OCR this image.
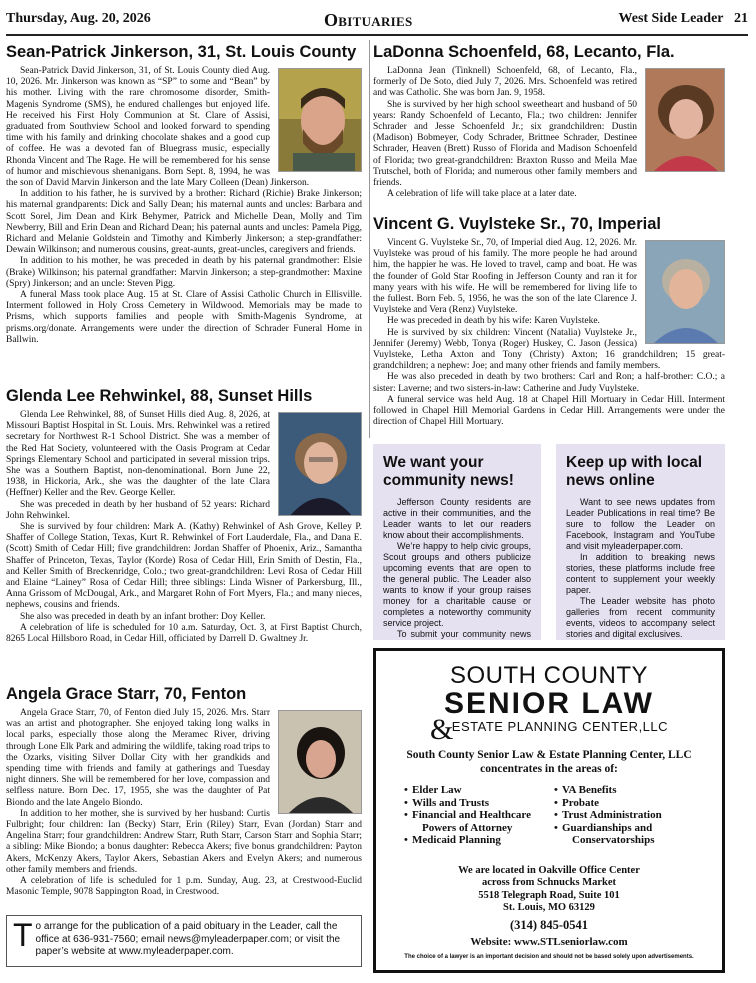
Thursday, Aug. 20, 2026	Obituaries	West Side Leader 21
Sean-Patrick Jinkerson, 31, St. Louis County

Sean-Patrick David Jinkerson, 31, of St. Louis County died Aug. 10, 2026. Mr. Jinkerson was known as “SP” to some and “Bean” by his mother. Living with the rare chromosome disorder, Smith-Magenis Syndrome (SMS), he endured challenges but enjoyed life. He received his First Holy Communion at St. Clare of Assisi, graduated from Southview School and looked forward to spending time with his family and drinking chocolate shakes and a good cup of coffee. He was a devoted fan of Bluegrass music, especially Rhonda Vincent and The Rage. He will be remembered for his sense of humor and mischievous shenanigans. Born Sept. 8, 1994, he was the son of David Marvin Jinkerson and the late Mary Colleen (Dean) Jinkerson.

In addition to his father, he is survived by a brother: Richard (Richie) Brake Jinkerson; his maternal grandparents: Dick and Sally Dean; his maternal aunts and uncles: Barbara and Scott Sorel, Jim Dean and Kirk Behymer, Patrick and Michelle Dean, Molly and Tim Newberry, Bill and Erin Dean and Richard Dean; his paternal aunts and uncles: Pamela Pigg, Richard and Melanie Goldstein and Timothy and Kimberly Jinkerson; a step-grandfather: Dewain Wilkinson; and numerous cousins, great-aunts, great-uncles, caregivers and friends.

In addition to his mother, he was preceded in death by his paternal grandmother: Elsie (Brake) Wilkinson; his paternal grandfather: Marvin Jinkerson; a step-grandmother: Maxine (Spry) Jinkerson; and an uncle: Steven Pigg.

A funeral Mass took place Aug. 15 at St. Clare of Assisi Catholic Church in Ellisville. Interment followed in Holy Cross Cemetery in Wildwood. Memorials may be made to Prisms, which supports families and people with Smith-Magenis Syndrome, at prisms.org/donate. Arrangements were under the direction of Schrader Funeral Home in Ballwin.

Glenda Lee Rehwinkel, 88, Sunset Hills

Glenda Lee Rehwinkel, 88, of Sunset Hills died Aug. 8, 2026, at Missouri Baptist Hospital in St. Louis. Mrs. Rehwinkel was a retired secretary for Northwest R-1 School District. She was a member of the Red Hat Society, volunteered with the Oasis Program at Cedar Springs Elementary School and participated in several mission trips. She was a Southern Baptist, non-denominational. Born June 22, 1938, in Hickoria, Ark., she was the daughter of the late Clara (Heffner) Keller and the Rev. George Keller.

She was preceded in death by her husband of 52 years: Richard John Rehwinkel.

She is survived by four children: Mark A. (Kathy) Rehwinkel of Ash Grove, Kelley P. Shaffer of College Station, Texas, Kurt R. Rehwinkel of Fort Lauderdale, Fla., and Dana E. (Scott) Smith of Cedar Hill; five grandchildren: Jordan Shaffer of Phoenix, Ariz., Samantha Shaffer of Princeton, Texas, Taylor (Korde) Rosa of Cedar Hill, Erin Smith of Destin, Fla., and Keller Smith of Breckenridge, Colo.; two great-grandchildren: Levi Rosa of Cedar Hill and Elaine “Lainey” Rosa of Cedar Hill; three siblings: Linda Wisner of Parkersburg, Ill., Anna Grissom of McDougal, Ark., and Margaret Rohn of Fort Myers, Fla.; and many nieces, nephews, cousins and friends.

She also was preceded in death by an infant brother: Doy Keller.

A celebration of life is scheduled for 10 a.m. Saturday, Oct. 3, at First Baptist Church, 8265 Local Hillsboro Road, in Cedar Hill, officiated by Darrell D. Gwaltney Jr.

Angela Grace Starr, 70, Fenton

Angela Grace Starr, 70, of Fenton died July 15, 2026. Mrs. Starr was an artist and photographer. She enjoyed taking long walks in local parks, especially those along the Meramec River, driving through Lone Elk Park and admiring the wildlife, taking road trips to the Ozarks, visiting Silver Dollar City with her grandkids and spending time with friends and family at gatherings and Tuesday night dinners. She will be remembered for her love, compassion and selfless nature. Born Dec. 17, 1955, she was the daughter of Pat Biondo and the late Angelo Biondo.

In addition to her mother, she is survived by her husband: Curtis Fulbright; four children: Ian (Becky) Starr, Erin (Riley) Starr, Evan (Jordan) Starr and Angelina Starr; four grandchildren: Andrew Starr, Ruth Starr, Carson Starr and Sophia Starr; a sibling: Mike Biondo; a bonus daughter: Rebecca Akers; five bonus grandchildren: Payton Akers, McKenzy Akers, Taylor Akers, Sebastian Akers and Evelyn Akers; and numerous other family members and friends.

A celebration of life is scheduled for 1 p.m. Sunday, Aug. 23, at Crestwood-Euclid Masonic Temple, 9078 Sappington Road, in Crestwood.

T o arrange for the publication of a paid obituary in the Leader, call the office at 636-931-7560; email news@myleaderpaper.com; or visit the paper’s website at www.myleaderpaper.com.
LaDonna Schoenfeld, 68, Lecanto, Fla.

LaDonna Jean (Tinknell) Schoenfeld, 68, of Lecanto, Fla., formerly of De Soto, died July 7, 2026. Mrs. Schoenfeld was retired and was Catholic. She was born Jan. 9, 1958.

She is survived by her high school sweetheart and husband of 50 years: Randy Schoenfeld of Lecanto, Fla.; two children: Jennifer Schrader and Jesse Schoenfeld Jr.; six grandchildren: Dustin (Madison) Bobmeyer, Cody Schrader, Brittnee Schrader, Destinee Schrader, Heaven (Brett) Russo of Florida and Madison Schoenfeld of Florida; two great-grandchildren: Braxton Russo and Meila Mae Trutschel, both of Florida; and numerous other family members and friends.

A celebration of life will take place at a later date.

Vincent G. Vuylsteke Sr., 70, Imperial

Vincent G. Vuylsteke Sr., 70, of Imperial died Aug. 12, 2026. Mr. Vuylsteke was proud of his family. The more people he had around him, the happier he was. He loved to travel, camp and boat. He was the founder of Gold Star Roofing in Jefferson County and ran it for many years with his wife. He will be remembered for living life to the fullest. Born Feb. 5, 1956, he was the son of the late Clarence J. Vuylsteke and Vera (Renz) Vuylsteke.

He was preceded in death by his wife: Karen Vuylsteke.

He is survived by six children: Vincent (Natalia) Vuylsteke Jr., Jennifer (Jeremy) Webb, Tonya (Roger) Huskey, C. Jason (Jessica) Vuylsteke, Letha Axton and Tony (Christy) Axton; 16 grandchildren; 15 great-grandchildren; a nephew: Joe; and many other friends and family members.

He was also preceded in death by two brothers: Carl and Ron; a half-brother: C.O.; a sister: Laverne; and two sisters-in-law: Catherine and Judy Vuylsteke.

A funeral service was held Aug. 18 at Chapel Hill Mortuary in Cedar Hill. Interment followed in Chapel Hill Memorial Gardens in Cedar Hill. Arrangements were under the direction of Chapel Hill Mortuary.

We want your community news!

Jefferson County residents are active in their communities, and the Leader wants to let our readers know about their accomplishments.

We’re happy to help civic groups, Scout groups and others publicize upcoming events that are open to the general public. The Leader also wants to know if your group raises money for a charitable cause or completes a noteworthy community service project.

To submit your community news

Keep up with local news online

Want to see news updates from Leader Publications in real time? Be sure to follow the Leader on Facebook, Instagram and YouTube and visit myleaderpaper.com.

In addition to breaking news stories, these platforms include free content to supplement your weekly paper.

The Leader website has photo galleries from recent community events, videos to accompany select stories and digital exclusives.

SOUTH COUNTY
SENIOR LAW
&ESTATE PLANNING CENTER,LLC
South County Senior Law & Estate Planning Center, LLC concentrates in the areas of:
• Elder Law
• Wills and Trusts
• Financial and Healthcare
Powers of Attorney
• Medicaid Planning
• VA Benefits
• Probate
• Trust Administration
• Guardianships and
Conservatorships
We are located in Oakville Office Center
across from Schnucks Market
5518 Telegraph Road, Suite 101
St. Louis, MO 63129
(314) 845-0541
Website: www.STLseniorlaw.com
The choice of a lawyer is an important decision and should not be based solely upon advertisements.
